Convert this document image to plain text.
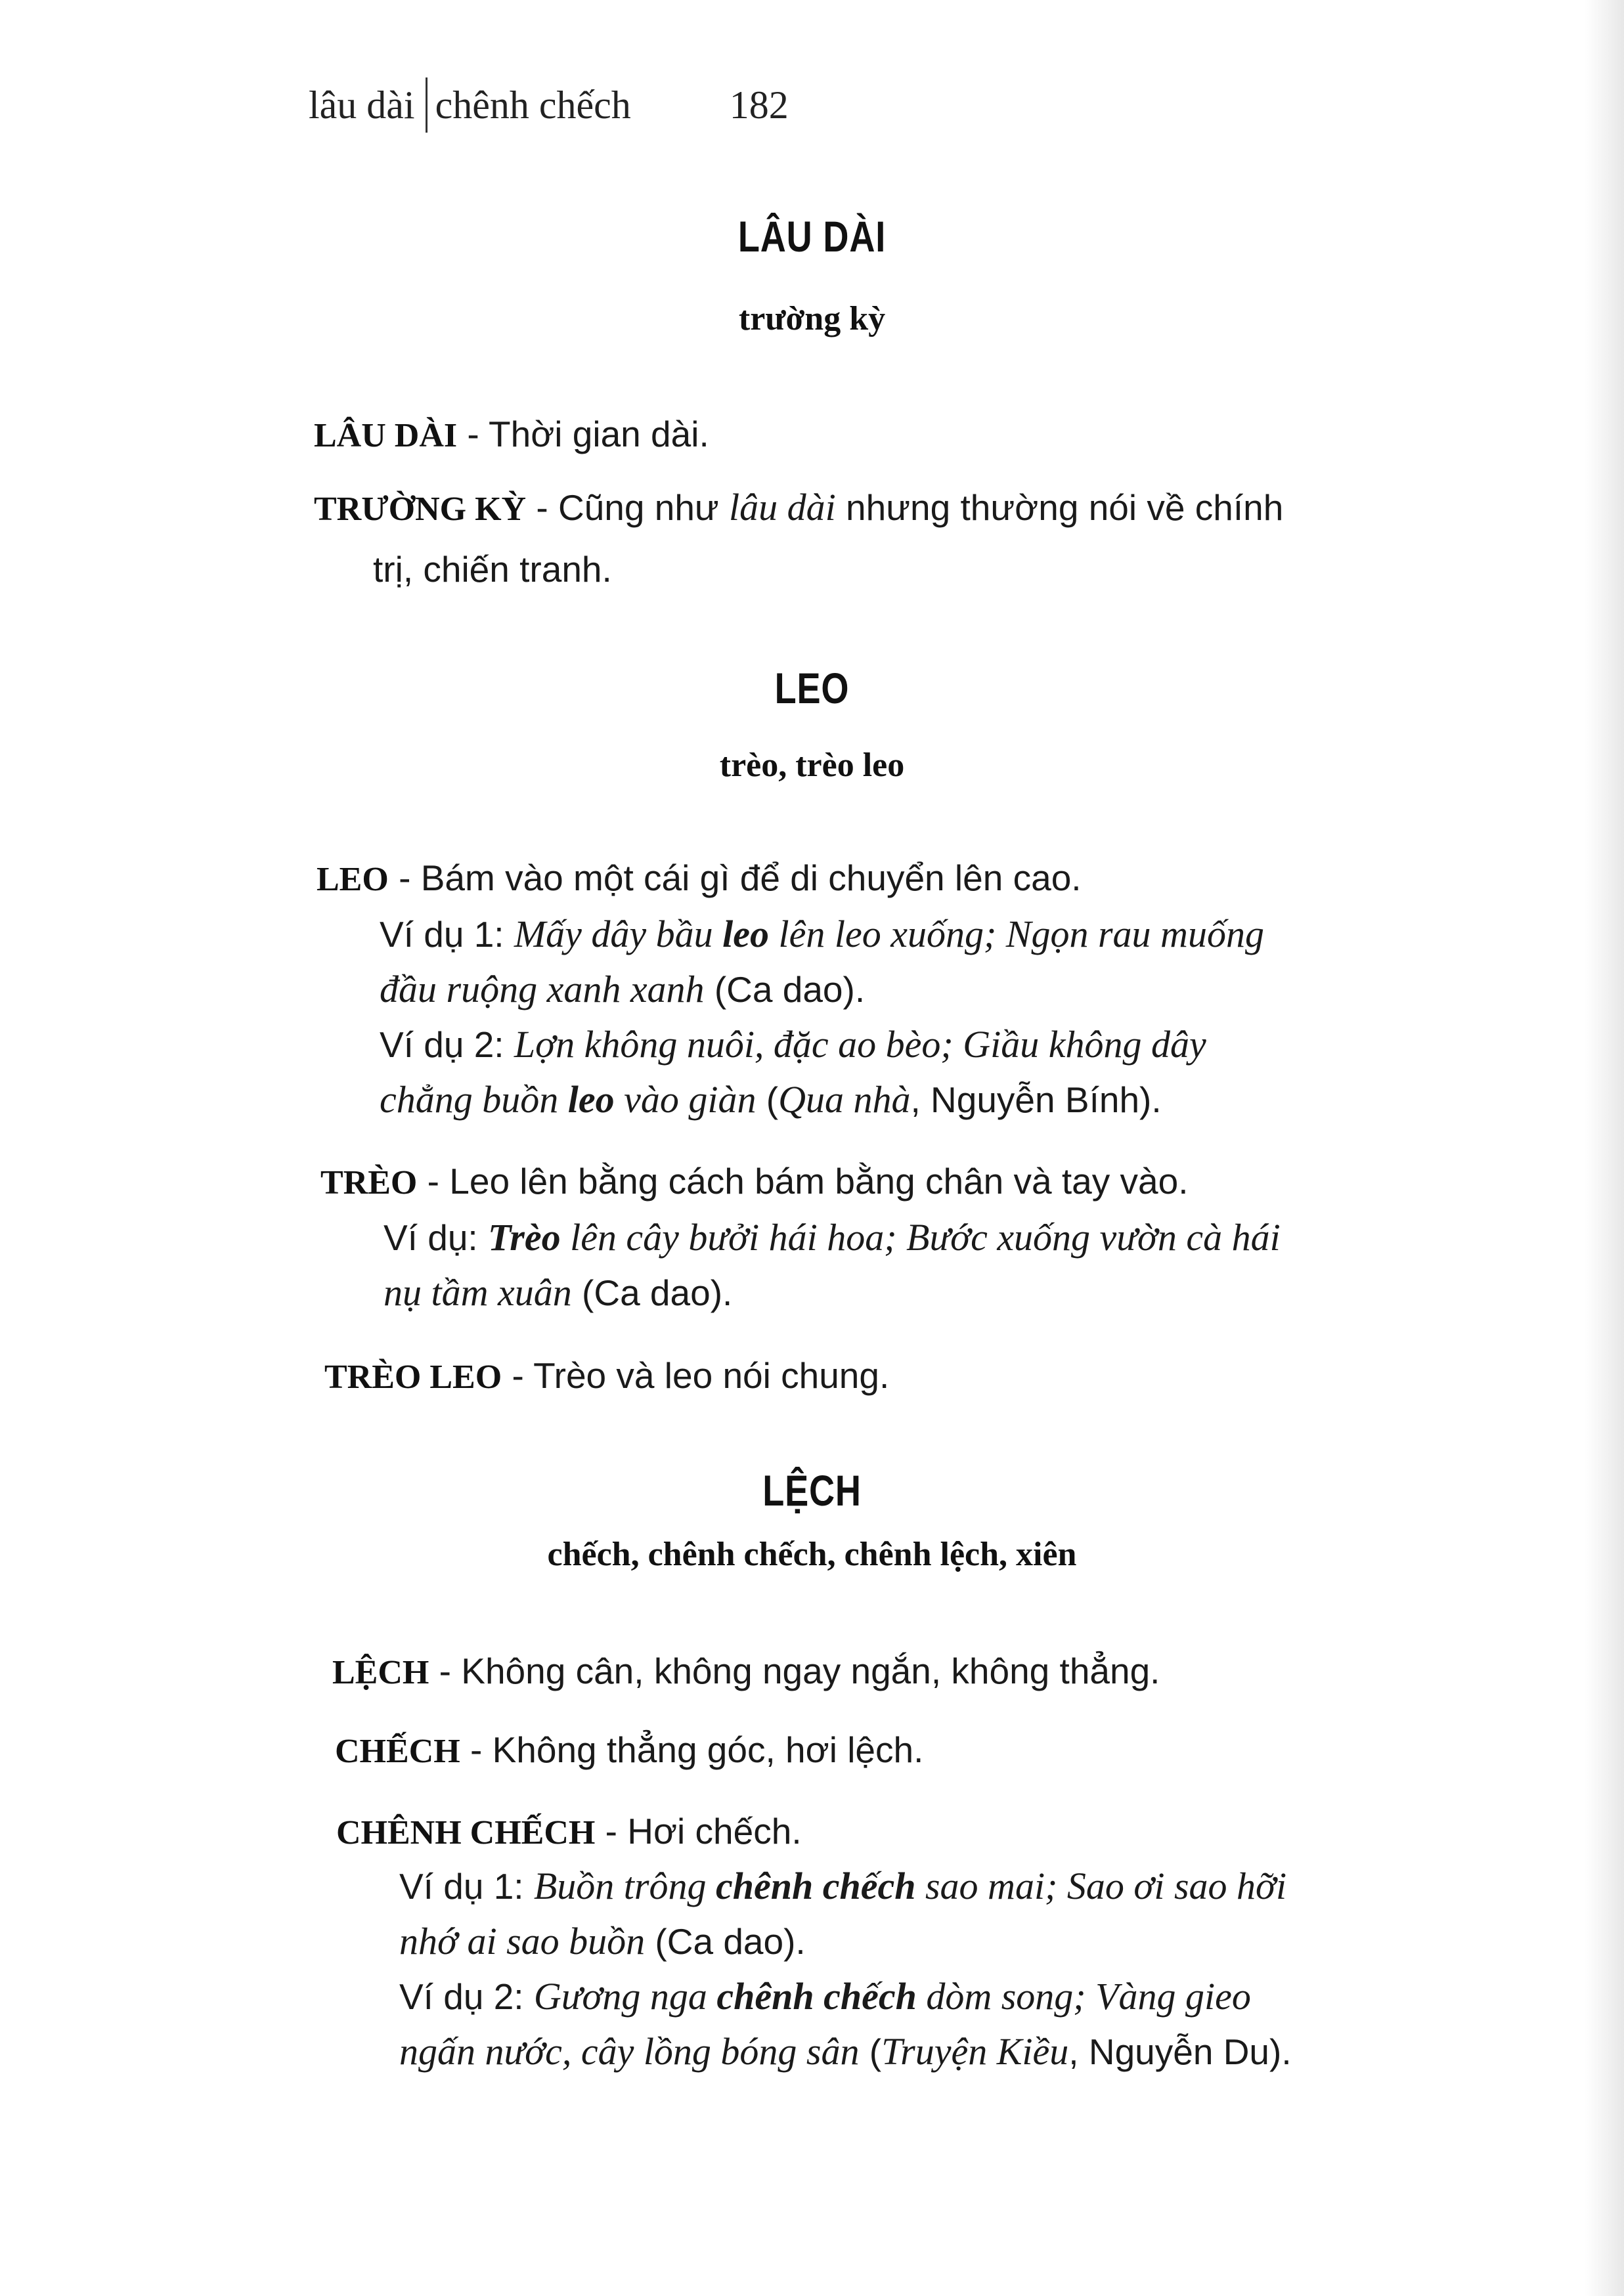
lâu dài chênh chếch	182
LÂU DÀI
trường kỳ
LÂU DÀI - Thời gian dài.
TRƯỜNG KỲ - Cũng như lâu dài nhưng thường nói về chính
trị, chiến tranh.
LEO
trèo, trèo leo
LEO - Bám vào một cái gì để di chuyển lên cao.
Ví dụ 1: Mấy dây bầu leo lên leo xuống; Ngọn rau muống
đầu ruộng xanh xanh (Ca dao).
Ví dụ 2: Lợn không nuôi, đặc ao bèo; Giầu không dây
chẳng buồn leo vào giàn (Qua nhà, Nguyễn Bính).
TRÈO - Leo lên bằng cách bám bằng chân và tay vào.
Ví dụ: Trèo lên cây bưởi hái hoa; Bước xuống vườn cà hái
nụ tầm xuân (Ca dao).
TRÈO LEO - Trèo và leo nói chung.
LỆCH
chếch, chênh chếch, chênh lệch, xiên
LỆCH - Không cân, không ngay ngắn, không thẳng.
CHẾCH - Không thẳng góc, hơi lệch.
CHÊNH CHẾCH - Hơi chếch.
Ví dụ 1: Buồn trông chênh chếch sao mai; Sao ơi sao hỡi
nhớ ai sao buồn (Ca dao).
Ví dụ 2: Gương nga chênh chếch dòm song; Vàng gieo
ngấn nước, cây lồng bóng sân (Truyện Kiều, Nguyễn Du).
